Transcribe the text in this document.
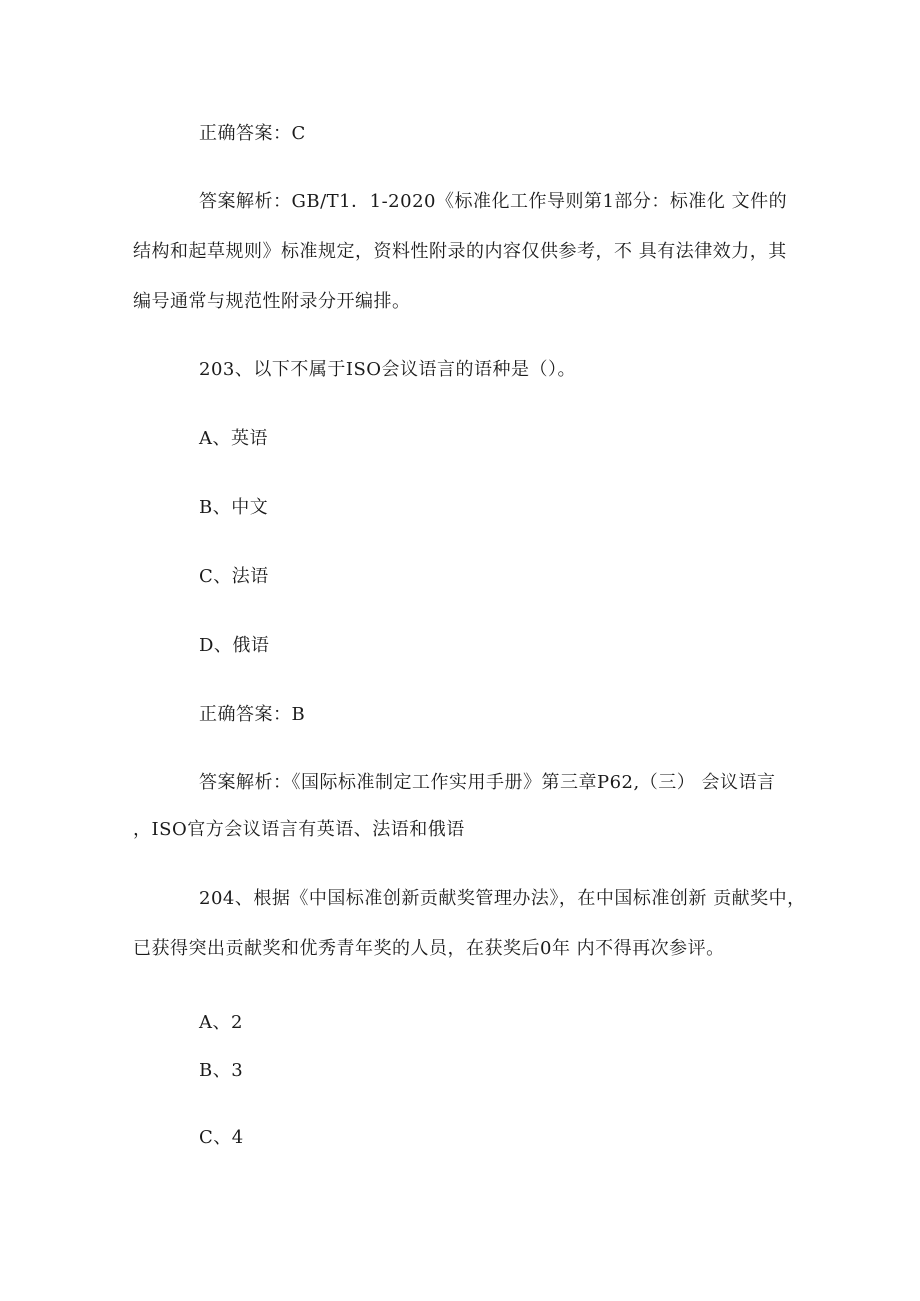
正确答案：C
答案解析：GB/T1．1-2020《标准化工作导则第1部分：标准化 文件的
结构和起草规则》标准规定，资料性附录的内容仅供参考，不 具有法律效力，其
编号通常与规范性附录分开编排。
203、以下不属于ISO会议语言的语种是（）。
A、英语
B、中文
C、法语
D、俄语
正确答案：B
答案解析：《国际标准制定工作实用手册》第三章P62,（三） 会议语言
，ISO官方会议语言有英语、法语和俄语
204、根据《中国标准创新贡献奖管理办法》，在中国标准创新 贡献奖中，
已获得突出贡献奖和优秀青年奖的人员，在获奖后0年 内不得再次参评。
A、2
B、3
C、4
